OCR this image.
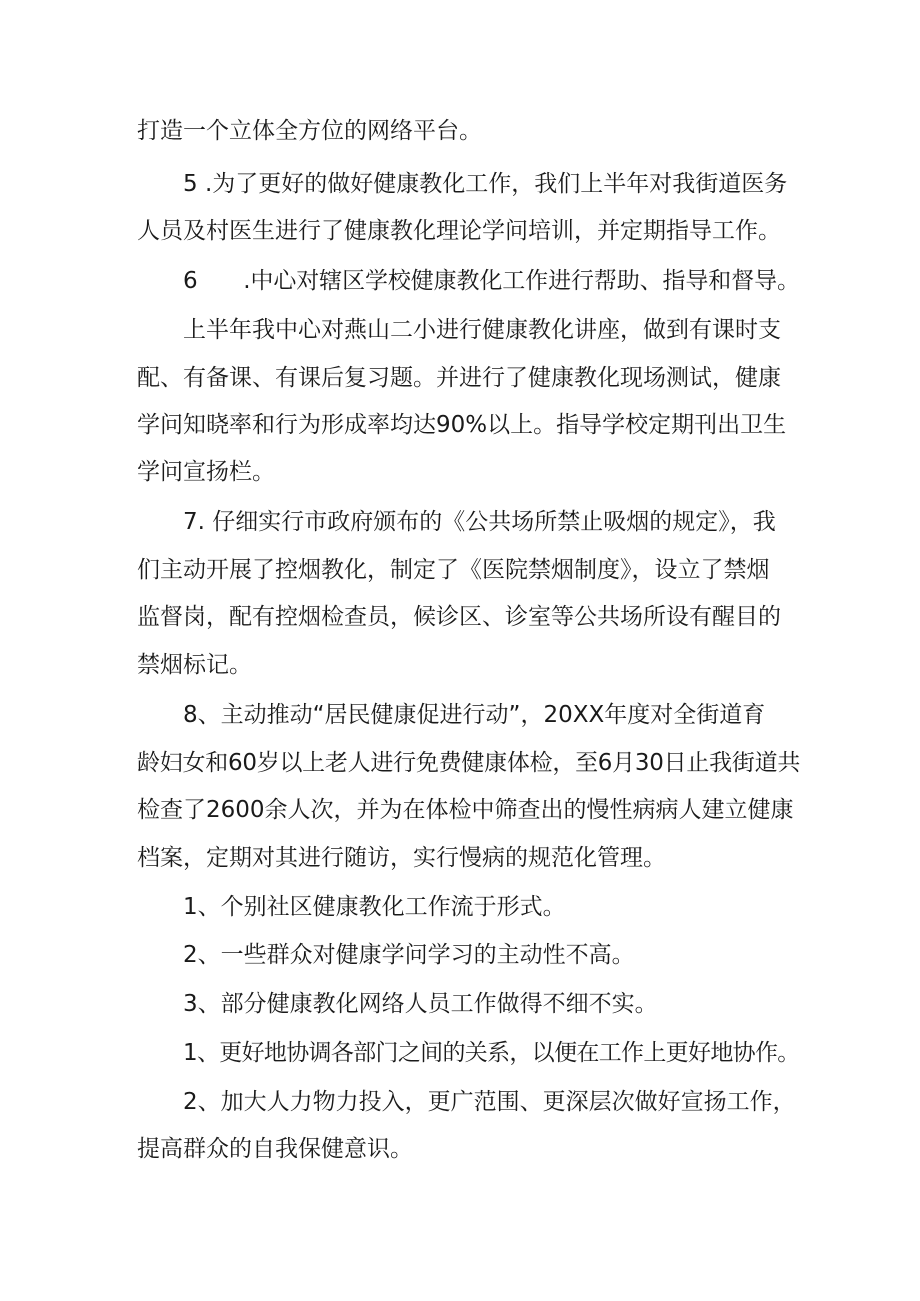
打造一个立体全方位的网络平台。

5 .为了更好的做好健康教化工作，我们上半年对我街道医务

人员及村医生进行了健康教化理论学问培训，并定期指导工作。

6　　.中心对辖区学校健康教化工作进行帮助、指导和督导。

上半年我中心对燕山二小进行健康教化讲座，做到有课时支

配、有备课、有课后复习题。并进行了健康教化现场测试，健康

学问知晓率和行为形成率均达90%以上。指导学校定期刊出卫生

学问宣扬栏。

7. 仔细实行市政府颁布的《公共场所禁止吸烟的规定》，我

们主动开展了控烟教化，制定了《医院禁烟制度》，设立了禁烟

监督岗，配有控烟检查员，候诊区、诊室等公共场所设有醒目的

禁烟标记。

8、主动推动“居民健康促进行动”，20XX年度对全街道育

龄妇女和60岁以上老人进行免费健康体检，至6月30日止我街道共

检查了2600余人次，并为在体检中筛查出的慢性病病人建立健康

档案，定期对其进行随访，实行慢病的规范化管理。

1、个别社区健康教化工作流于形式。

2、一些群众对健康学问学习的主动性不高。

3、部分健康教化网络人员工作做得不细不实。

1、更好地协调各部门之间的关系，以便在工作上更好地协作。

2、加大人力物力投入，更广范围、更深层次做好宣扬工作，

提高群众的自我保健意识。
